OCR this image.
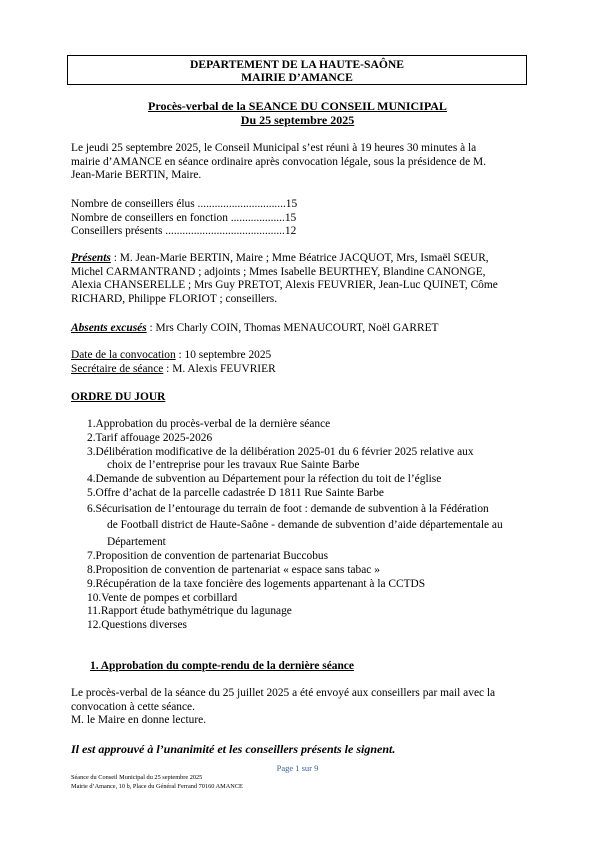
DEPARTEMENT DE LA HAUTE-SAÔNE
MAIRIE D’AMANCE
Procès-verbal de la SEANCE DU CONSEIL MUNICIPAL
Du 25 septembre 2025
Le jeudi 25 septembre 2025, le Conseil Municipal s’est réuni à 19 heures 30 minutes à la
mairie d’AMANCE en séance ordinaire après convocation légale, sous la présidence de M.
Jean-Marie BERTIN, Maire.
Nombre de conseillers élus ...............................15
Nombre de conseillers en fonction ...................15
Conseillers présents ..........................................12
Présents : M. Jean-Marie BERTIN, Maire ; Mme Béatrice JACQUOT, Mrs, Ismaël SŒUR,
Michel CARMANTRAND ; adjoints ; Mmes Isabelle BEURTHEY, Blandine CANONGE,
Alexia CHANSERELLE ; Mrs Guy PRETOT, Alexis FEUVRIER, Jean-Luc QUINET, Côme
RICHARD, Philippe FLORIOT ; conseillers.
Absents excusés : Mrs Charly COIN, Thomas MENAUCOURT, Noël GARRET
Date de la convocation : 10 septembre 2025
Secrétaire de séance : M. Alexis FEUVRIER
ORDRE DU JOUR
1.Approbation du procès-verbal de la dernière séance
2.Tarif affouage 2025-2026
3.Délibération modificative de la délibération 2025-01 du 6 février 2025 relative aux
choix de l’entreprise pour les travaux Rue Sainte Barbe
4.Demande de subvention au Département pour la réfection du toit de l’église
5.Offre d’achat de la parcelle cadastrée D 1811 Rue Sainte Barbe
6.Sécurisation de l’entourage du terrain de foot : demande de subvention à la Fédération
de Football district de Haute-Saône - demande de subvention d’aide départementale au
Département
7.Proposition de convention de partenariat Buccobus
8.Proposition de convention de partenariat « espace sans tabac »
9.Récupération de la taxe foncière des logements appartenant à la CCTDS
10.Vente de pompes et corbillard
11.Rapport étude bathymétrique du lagunage
12.Questions diverses
1. Approbation du compte-rendu de la dernière séance
Le procès-verbal de la séance du 25 juillet 2025 a été envoyé aux conseillers par mail avec la
convocation à cette séance.
M. le Maire en donne lecture.
Il est approuvé à l’unanimité et les conseillers présents le signent.
Page 1 sur 9
Séance du Conseil Municipal du 25 septembre 2025
Mairie d’Amance, 10 b, Place du Général Ferrand 70160 AMANCE
